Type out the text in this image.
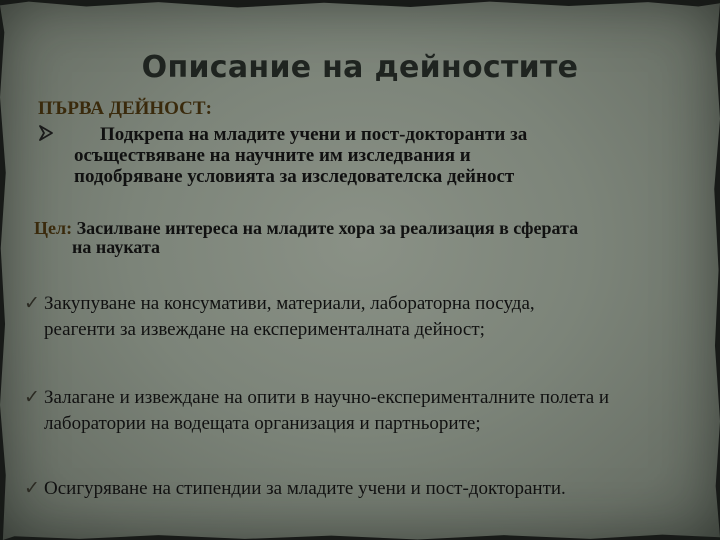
Описание на дейностите
ПЪРВА ДЕЙНОСТ:
Подкрепа на младите учени и пост-докторанти за
осъществяване на научните им изследвания и
подобряване условията за изследователска дейност
Цел: Засилване интереса на младите хора за реализация в сферата
на науката
✓ Закупуване на консумативи, материали, лабораторна посуда,
реагенти за извеждане на експерименталната дейност;
✓ Залагане и извеждане на опити в научно-експерименталните полета и
лаборатории на водещата организация и партньорите;
✓ Осигуряване на стипендии за младите учени и пост-докторанти.
